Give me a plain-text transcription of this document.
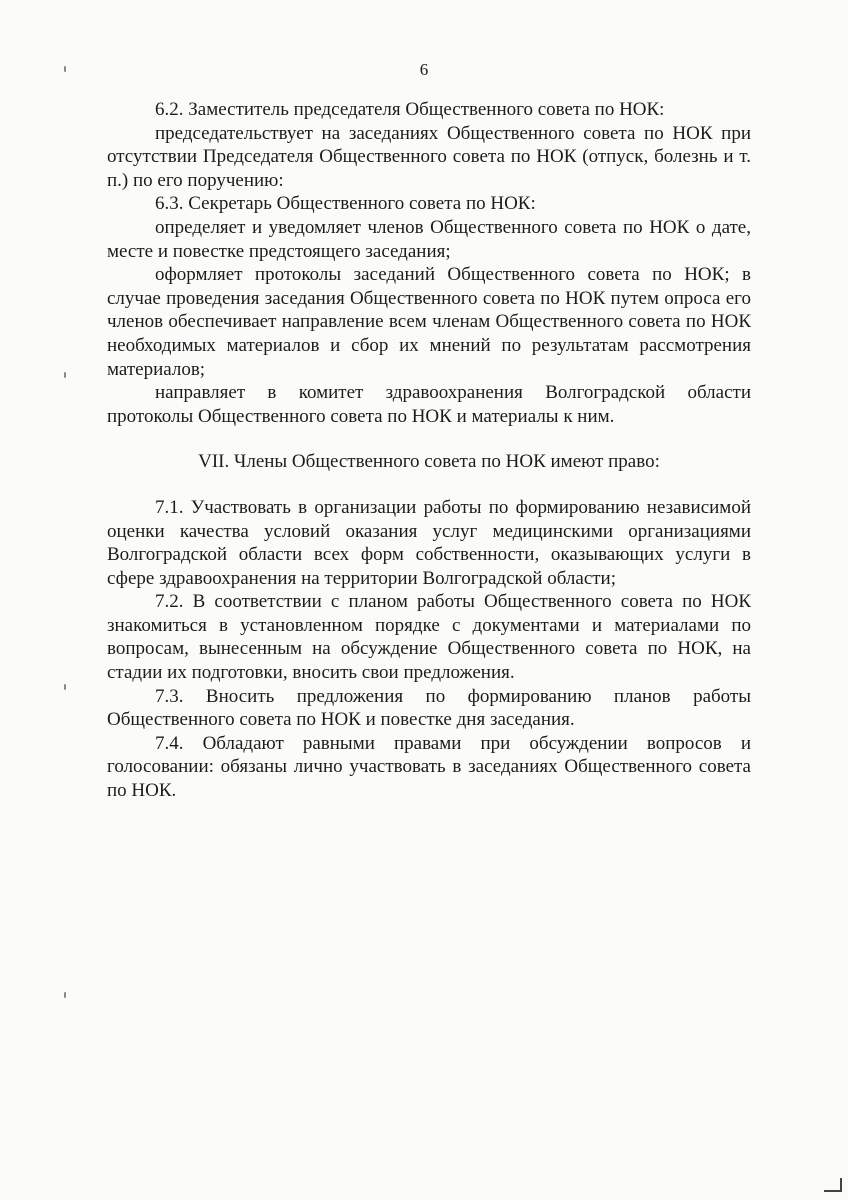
6

6.2. Заместитель председателя Общественного совета по НОК:

председательствует на заседаниях Общественного совета по НОК при отсутствии Председателя Общественного совета по НОК (отпуск, болезнь и т. п.) по его поручению:

6.3. Секретарь Общественного совета по НОК:

определяет и уведомляет членов Общественного совета по НОК о дате, месте и повестке предстоящего заседания;

оформляет протоколы заседаний Общественного совета по НОК; в случае проведения заседания Общественного совета по НОК путем опроса его членов обеспечивает направление всем членам Общественного совета по НОК необходимых материалов и сбор их мнений по результатам рассмотрения материалов;

направляет в комитет здравоохранения Волгоградской области протоколы Общественного совета по НОК и материалы к ним.

VII. Члены Общественного совета по НОК имеют право:

7.1. Участвовать в организации работы по формированию независимой оценки качества условий оказания услуг медицинскими организациями Волгоградской области всех форм собственности, оказывающих услуги в сфере здравоохранения на территории Волгоградской области;

7.2. В соответствии с планом работы Общественного совета по НОК знакомиться в установленном порядке с документами и материалами по вопросам, вынесенным на обсуждение Общественного совета по НОК, на стадии их подготовки, вносить свои предложения.

7.3. Вносить предложения по формированию планов работы Общественного совета по НОК и повестке дня заседания.

7.4. Обладают равными правами при обсуждении вопросов и голосовании: обязаны лично участвовать в заседаниях Общественного совета по НОК.
